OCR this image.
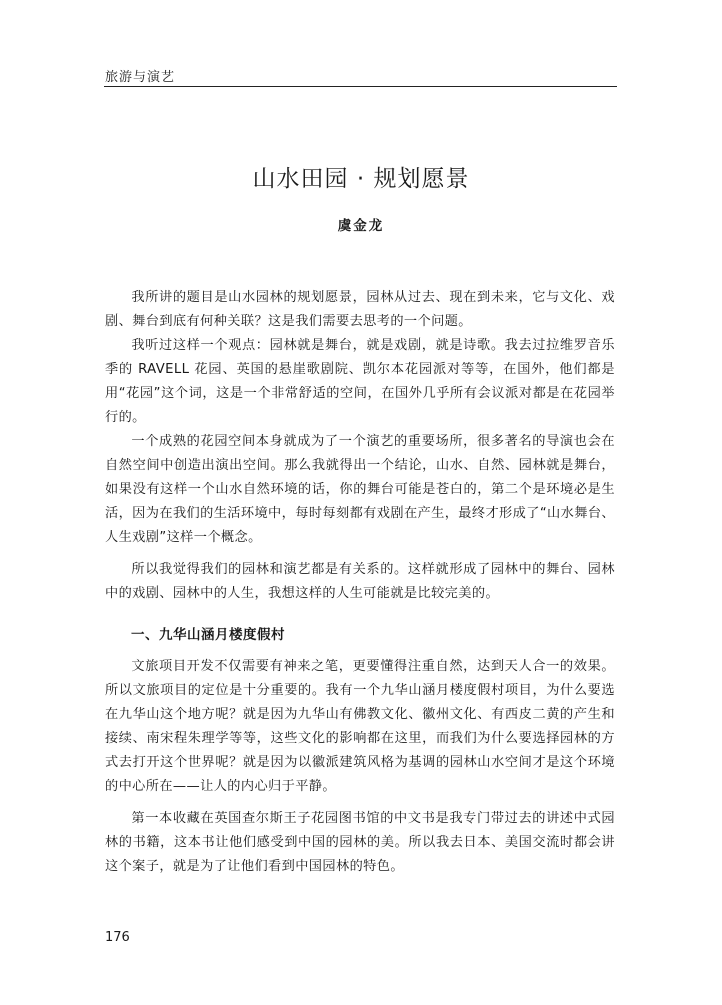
旅游与演艺
山水田园 · 规划愿景
虞金龙

我所讲的题目是山水园林的规划愿景，园林从过去、现在到未来，它与文化、戏剧、舞台到底有何种关联？这是我们需要去思考的一个问题。

我听过这样一个观点：园林就是舞台，就是戏剧，就是诗歌。我去过拉维罗音乐季的 RAVELL 花园、英国的悬崖歌剧院、凯尔本花园派对等等，在国外，他们都是用“花园”这个词，这是一个非常舒适的空间，在国外几乎所有会议派对都是在花园举行的。

一个成熟的花园空间本身就成为了一个演艺的重要场所，很多著名的导演也会在自然空间中创造出演出空间。那么我就得出一个结论，山水、自然、园林就是舞台，如果没有这样一个山水自然环境的话，你的舞台可能是苍白的，第二个是环境必是生活，因为在我们的生活环境中，每时每刻都有戏剧在产生，最终才形成了“山水舞台、人生戏剧”这样一个概念。

所以我觉得我们的园林和演艺都是有关系的。这样就形成了园林中的舞台、园林中的戏剧、园林中的人生，我想这样的人生可能就是比较完美的。

一、九华山涵月楼度假村

文旅项目开发不仅需要有神来之笔，更要懂得注重自然，达到天人合一的效果。所以文旅项目的定位是十分重要的。我有一个九华山涵月楼度假村项目，为什么要选在九华山这个地方呢？就是因为九华山有佛教文化、徽州文化、有西皮二黄的产生和接续、南宋程朱理学等等，这些文化的影响都在这里，而我们为什么要选择园林的方式去打开这个世界呢？就是因为以徽派建筑风格为基调的园林山水空间才是这个环境的中心所在——让人的内心归于平静。

第一本收藏在英国查尔斯王子花园图书馆的中文书是我专门带过去的讲述中式园林的书籍，这本书让他们感受到中国的园林的美。所以我去日本、美国交流时都会讲这个案子，就是为了让他们看到中国园林的特色。

176
